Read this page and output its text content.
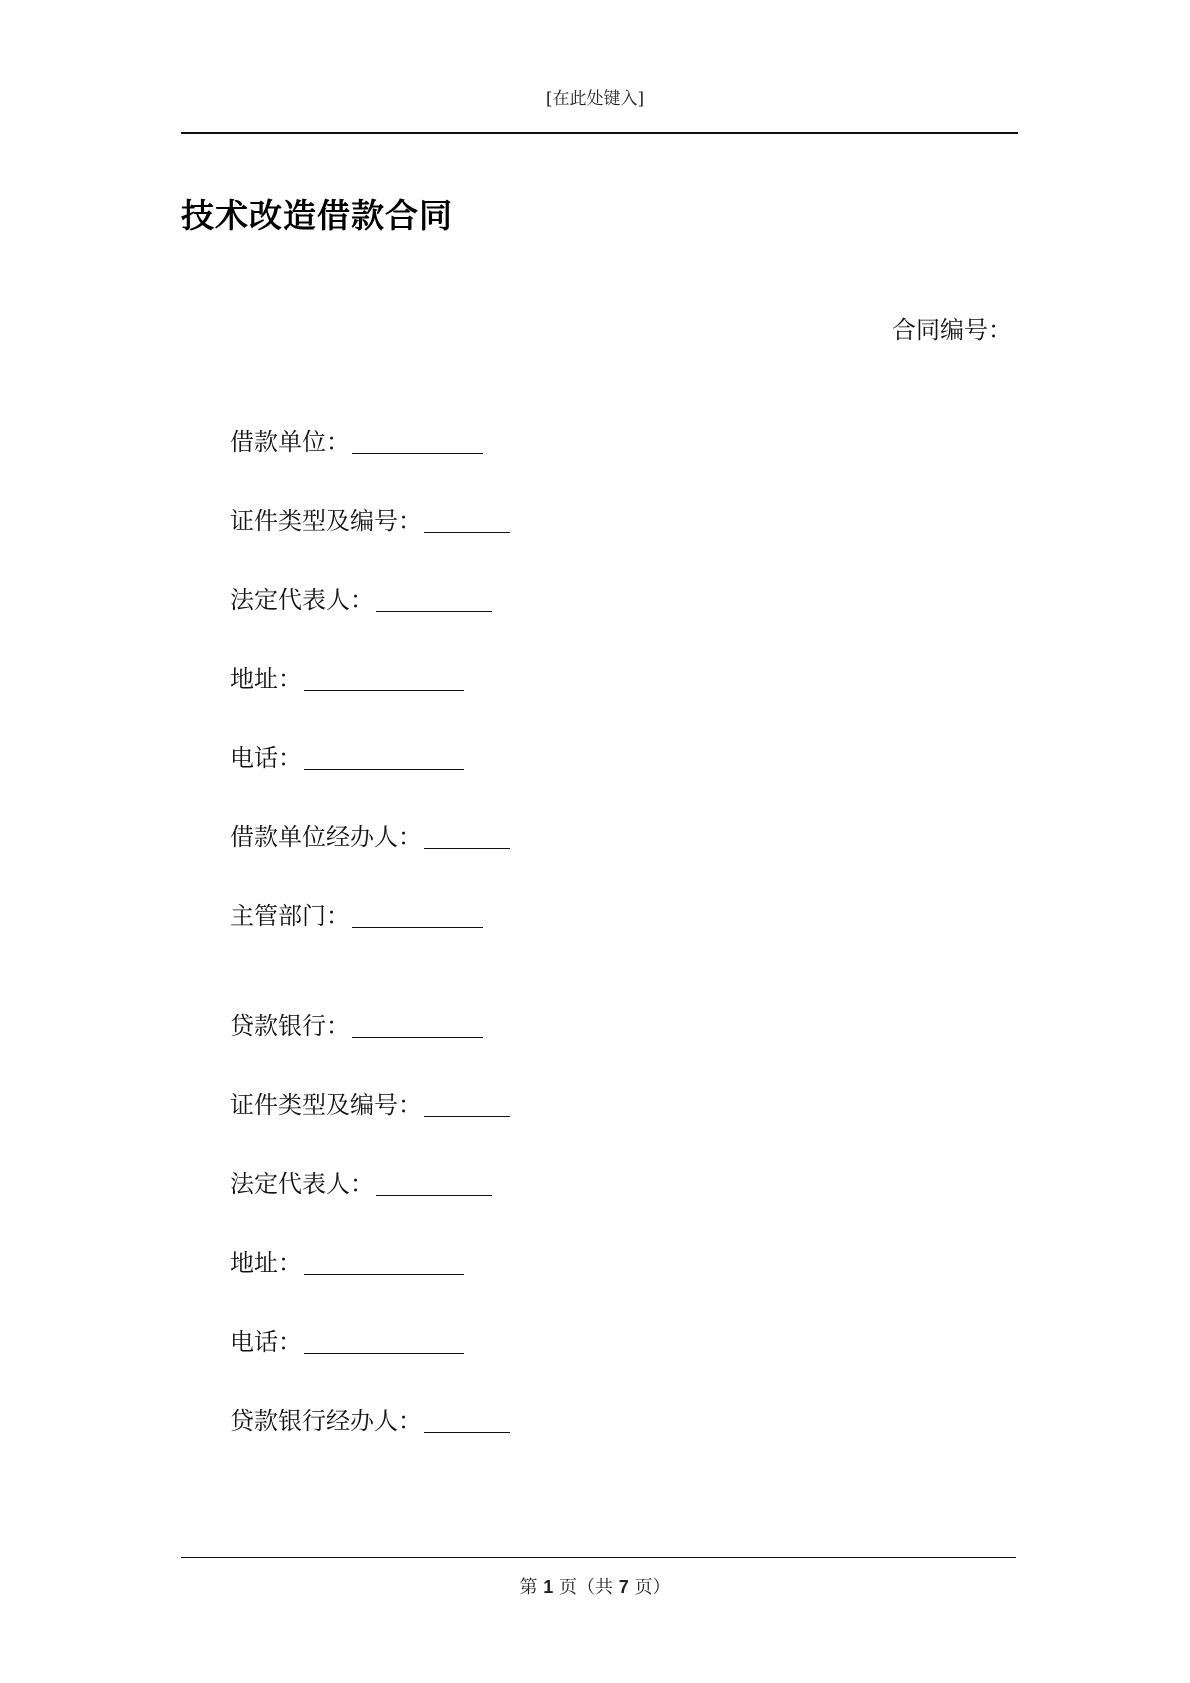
[在此处键入]
技术改造借款合同
合同编号：
借款单位：
证件类型及编号：
法定代表人：
地址：
电话：
借款单位经办人：
主管部门：
贷款银行：
证件类型及编号：
法定代表人：
地址：
电话：
贷款银行经办人：
第 1 页（共 7 页）
